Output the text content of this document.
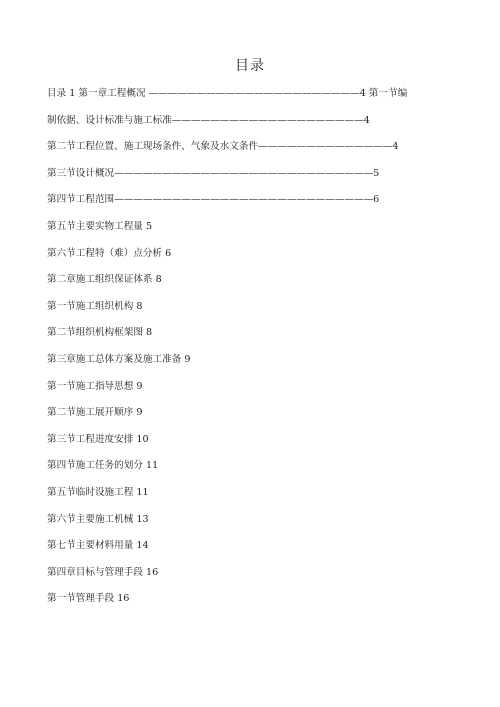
目录
目录 1 第一章工程概况 ——————————————————————4 第一节编
制依据、设计标准与施工标准————————————————————4
第二节工程位置、施工现场条件、气象及水文条件——————————————4
第三节设计概况———————————————————————————5
第四节工程范围———————————————————————————6
第五节主要实物工程量 5
第六节工程特（难）点分析 6
第二章施工组织保证体系 8
第一节施工组织机构 8
第二节组织机构框架图 8
第三章施工总体方案及施工准备 9
第一节施工指导思想 9
第二节施工展开顺序 9
第三节工程进度安排 10
第四节施工任务的划分 11
第五节临时设施工程 11
第六节主要施工机械 13
第七节主要材料用量 14
第四章目标与管理手段 16
第一节管理手段 16
